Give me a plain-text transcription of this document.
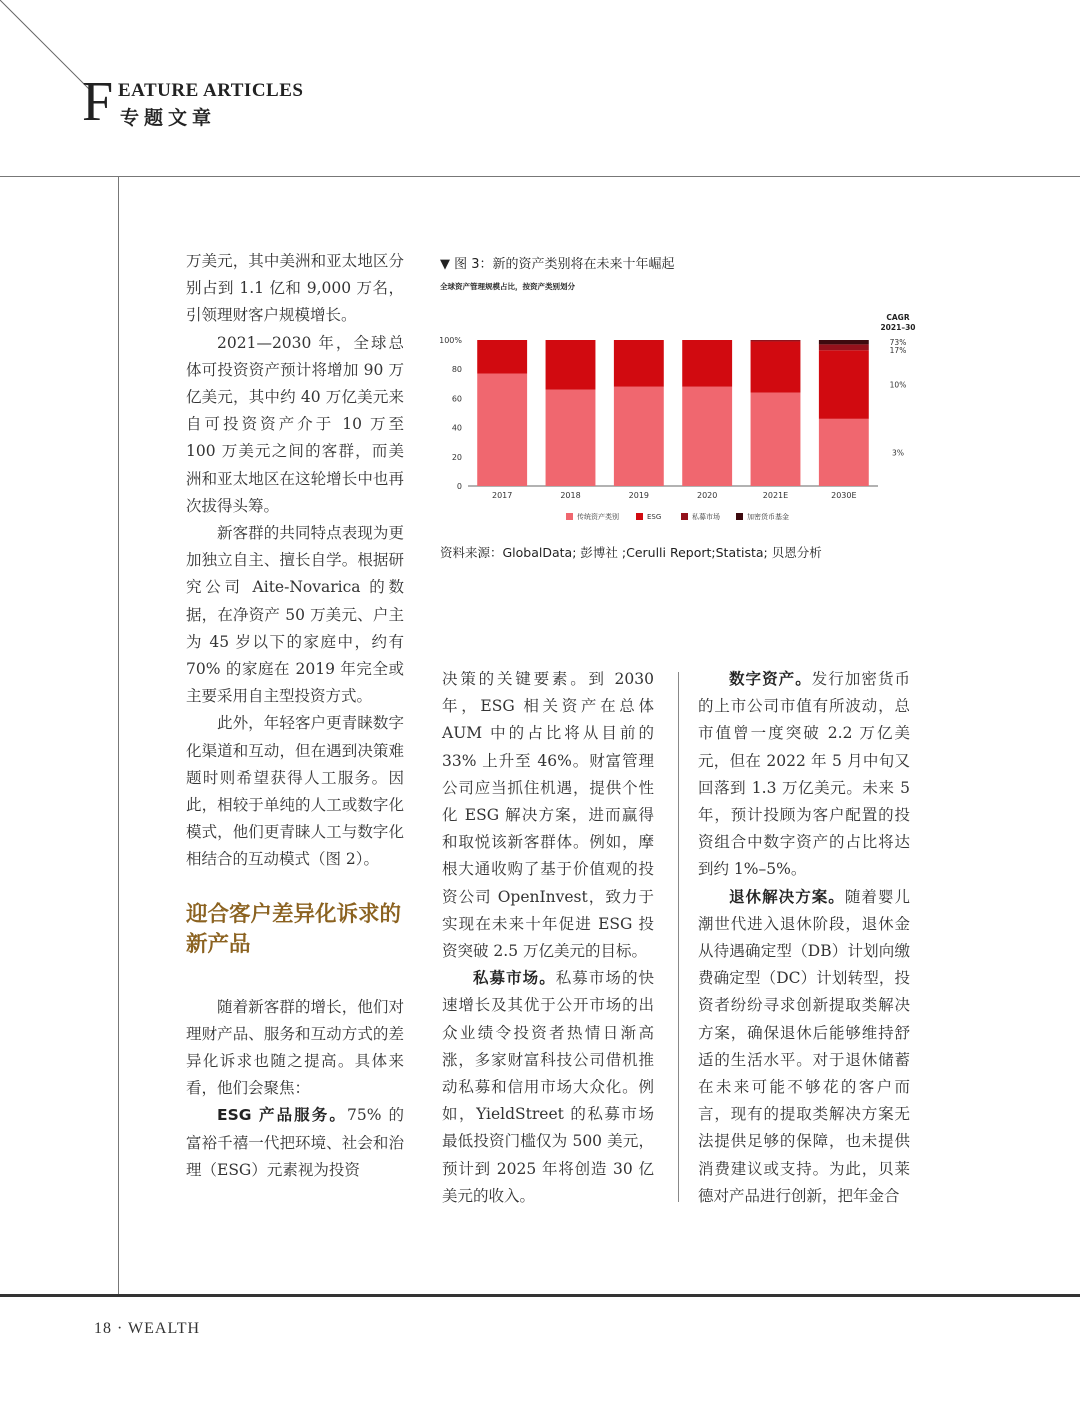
F EATURE ARTICLES
专题文章

万美元，其中美洲和亚太地区分别占到 1.1 亿和 9,000 万名，引领理财客户规模增长。

2021—2030 年，全球总体可投资资产预计将增加 90 万亿美元，其中约 40 万亿美元来自可投资资产介于 10 万至 100 万美元之间的客群，而美洲和亚太地区在这轮增长中也再次拔得头筹。

新客群的共同特点表现为更加独立自主、擅长自学。根据研究公司 Aite-Novarica 的数据，在净资产 50 万美元、户主为 45 岁以下的家庭中，约有 70% 的家庭在 2019 年完全或主要采用自主型投资方式。

此外，年轻客户更青睐数字化渠道和互动，但在遇到决策难题时则希望获得人工服务。因此，相较于单纯的人工或数字化模式，他们更青睐人工与数字化相结合的互动模式（图 2）。

迎合客户差异化诉求的新产品

随着新客群的增长，他们对理财产品、服务和互动方式的差异化诉求也随之提高。具体来看，他们会聚焦：

ESG 产品服务。75% 的富裕千禧一代把环境、社会和治理（ESG）元素视为投资

决策的关键要素。到 2030 年，ESG 相关资产在总体 AUM 中的占比将从目前的 33% 上升至 46%。财富管理公司应当抓住机遇，提供个性化 ESG 解决方案，进而赢得和取悦该新客群体。例如，摩根大通收购了基于价值观的投资公司 OpenInvest，致力于实现在未来十年促进 ESG 投资突破 2.5 万亿美元的目标。

私募市场。私募市场的快速增长及其优于公开市场的出众业绩令投资者热情日渐高涨，多家财富科技公司借机推动私募和信用市场大众化。例如，YieldStreet 的私募市场最低投资门槛仅为 500 美元，预计到 2025 年将创造 30 亿美元的收入。

数字资产。发行加密货币的上市公司市值有所波动，总市值曾一度突破 2.2 万亿美元，但在 2022 年 5 月中旬又回落到 1.3 万亿美元。未来 5 年，预计投顾为客户配置的投资组合中数字资产的占比将达到约 1%–5%。

退休解决方案。随着婴儿潮世代进入退休阶段，退休金从待遇确定型（DB）计划向缴费确定型（DC）计划转型，投资者纷纷寻求创新提取类解决方案，确保退休后能够维持舒适的生活水平。对于退休储蓄在未来可能不够花的客户而言，现有的提取类解决方案无法提供足够的保障，也未提供消费建议或支持。为此，贝莱德对产品进行创新，把年金合

▼ 图 3：新的资产类别将在未来十年崛起
全球资产管理规模占比，按资产类别划分
0
20
40
60
80
100%
2017	2018	2019	2020	2021E	2030E
CAGR
2021–30
73%
17%
10%
3%
传统资产类别	ESG	私募市场	加密货币基金
资料来源：GlobalData; 彭博社 ;Cerulli Report;Statista; 贝恩分析
18 · WEALTH
